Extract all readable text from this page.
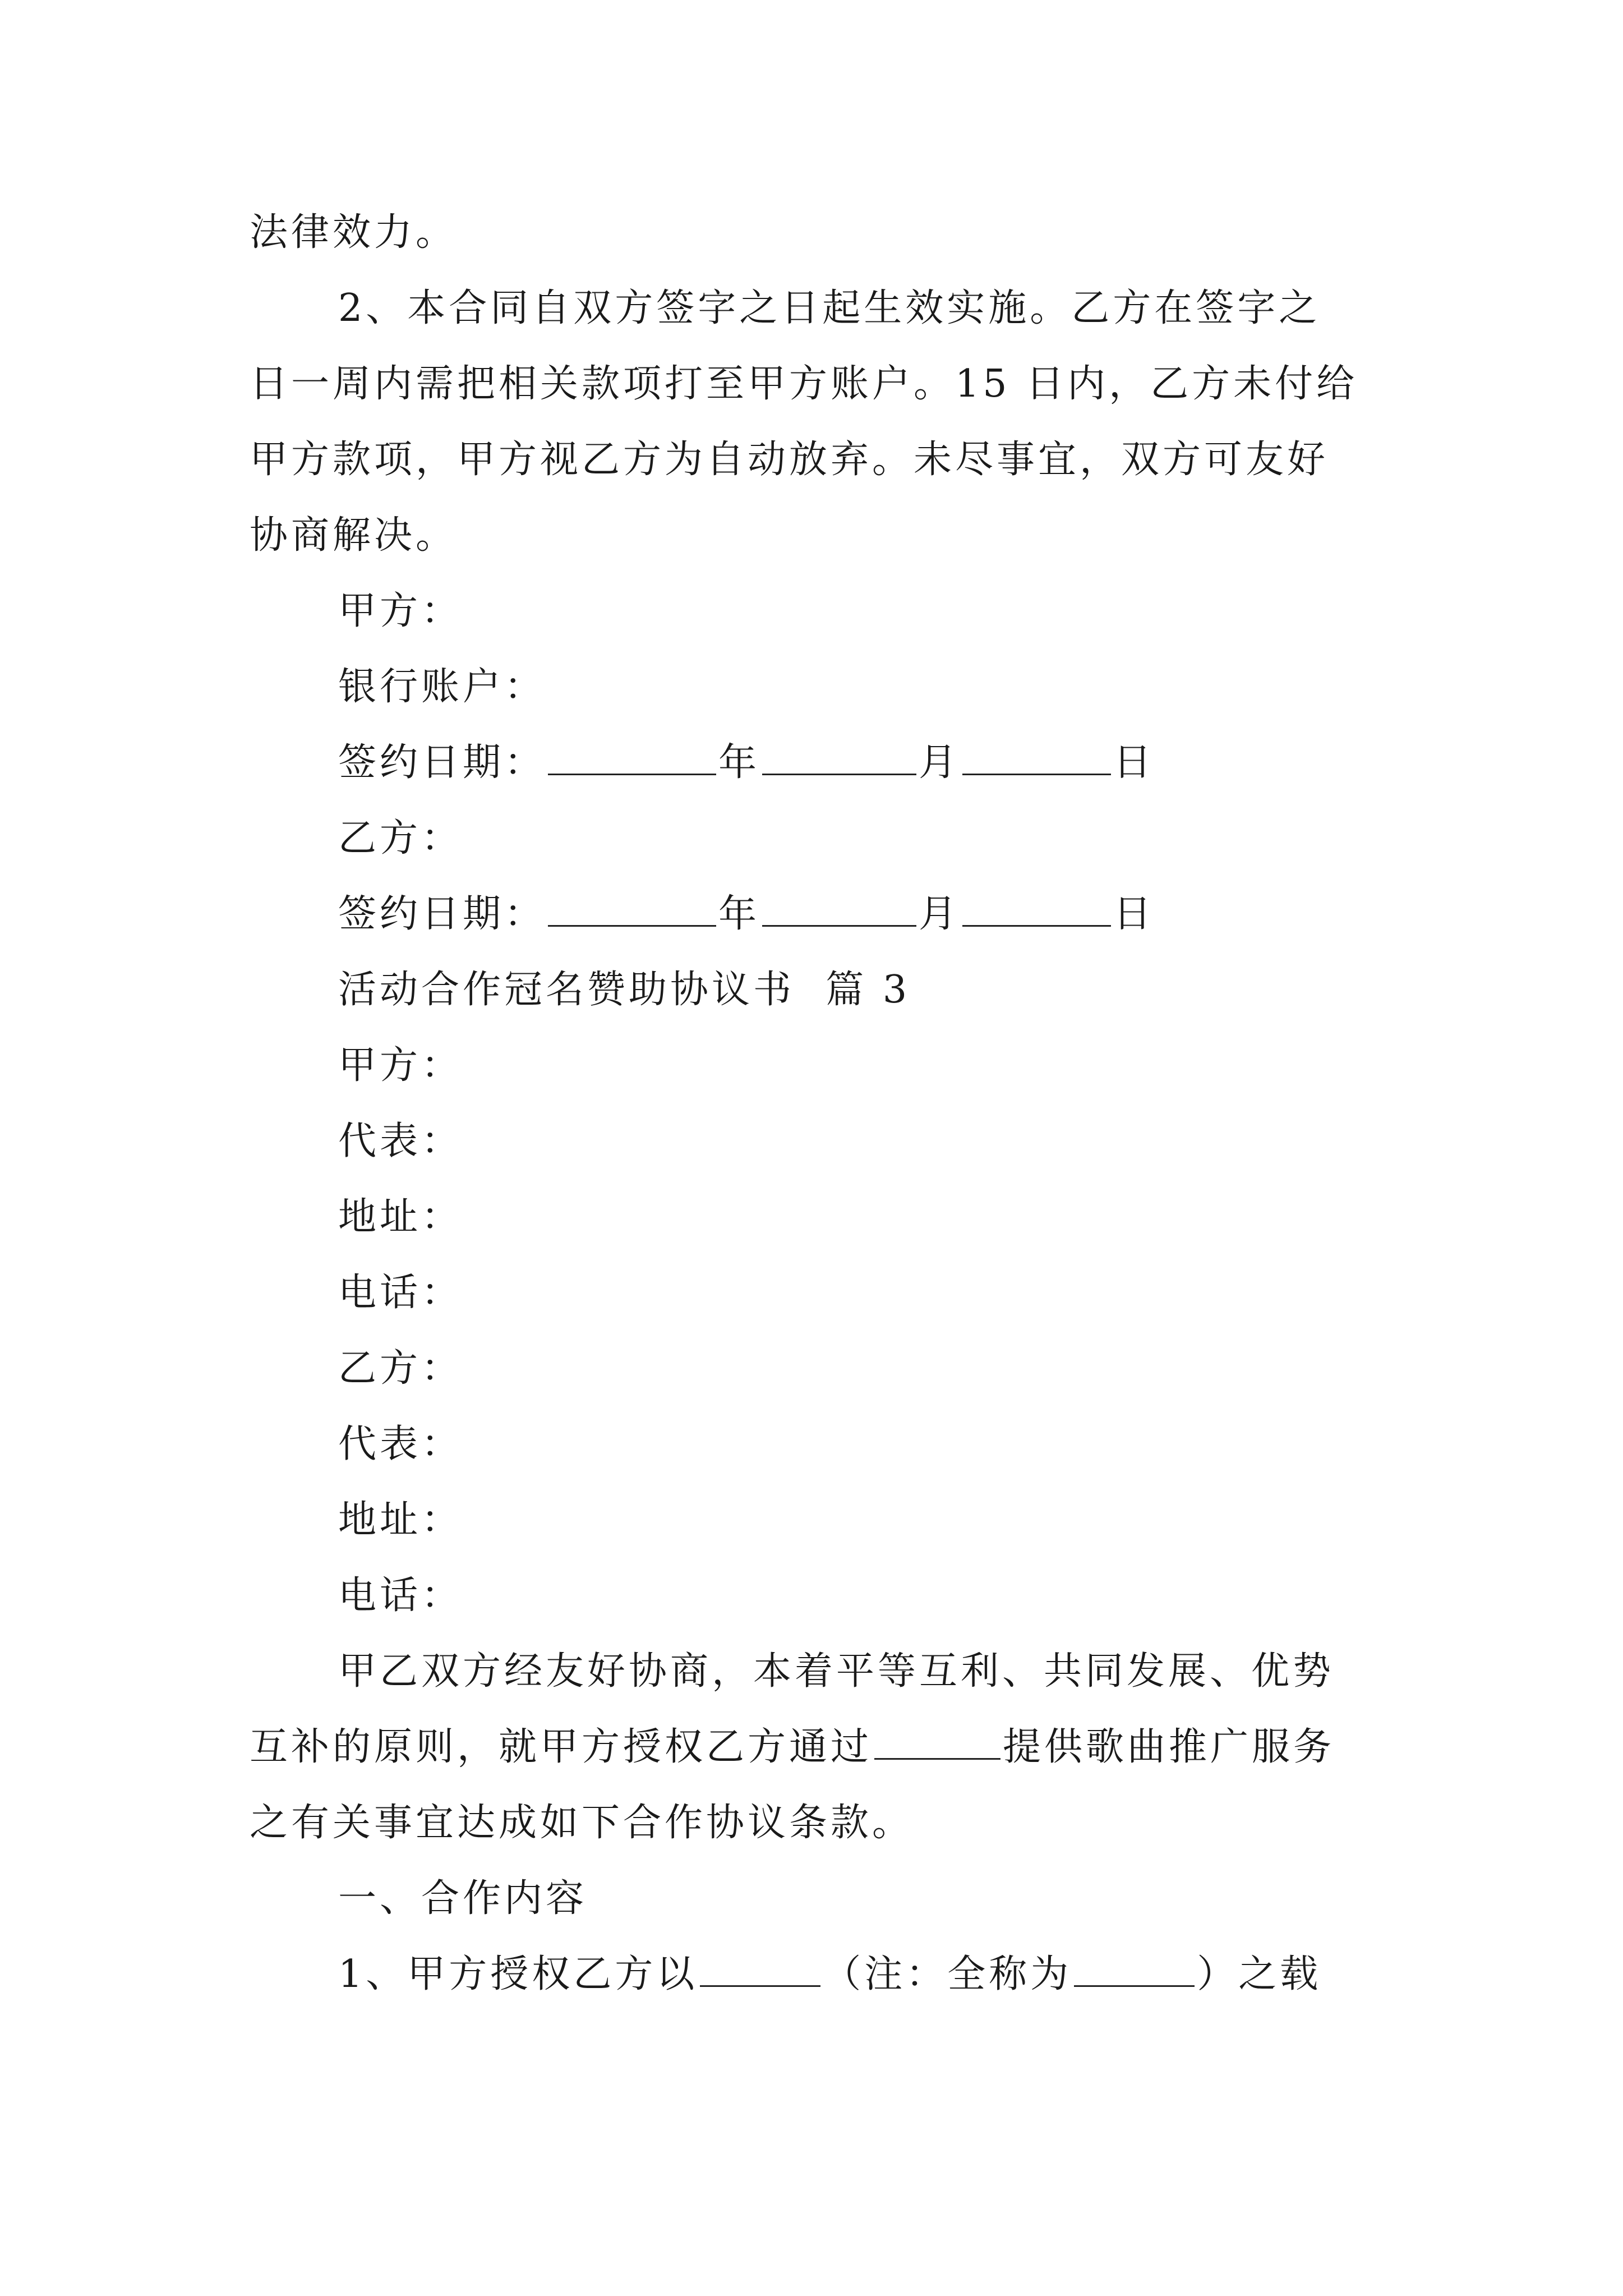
法律效力。
2、本合同自双方签字之日起生效实施。乙方在签字之
日一周内需把相关款项打至甲方账户。15 日内，乙方未付给
甲方款项，甲方视乙方为自动放弃。未尽事宜，双方可友好
协商解决。
甲方：
银行账户：
签约日期：	年	月	日
乙方：
签约日期：	年	月	日
活动合作冠名赞助协议书  篇 3
甲方：
代表：
地址：
电话：
乙方：
代表：
地址：
电话：
甲乙双方经友好协商，本着平等互利、共同发展、优势
互补的原则，就甲方授权乙方通过	提供歌曲推广服务
之有关事宜达成如下合作协议条款。
一、合作内容
1、甲方授权乙方以	（注：全称为	）之载
